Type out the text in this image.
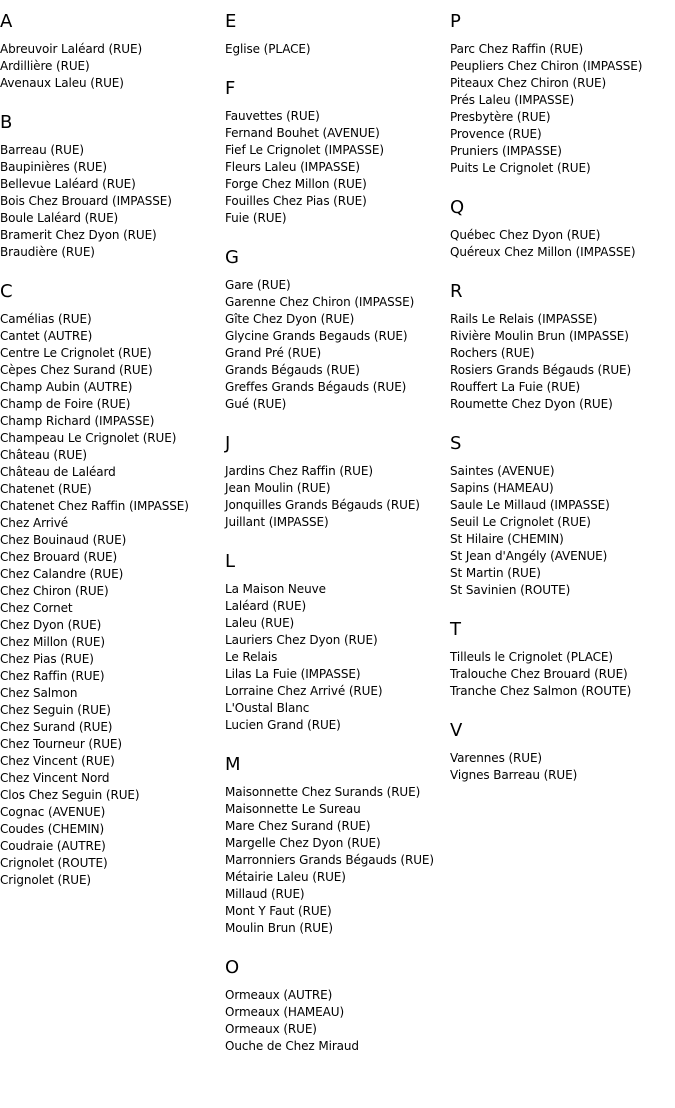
A
Abreuvoir Laléard (RUE)
Ardillière (RUE)
Avenaux Laleu (RUE)
B
Barreau (RUE)
Baupinières (RUE)
Bellevue Laléard (RUE)
Bois Chez Brouard (IMPASSE)
Boule Laléard (RUE)
Bramerit Chez Dyon (RUE)
Braudière (RUE)
C
Camélias (RUE)
Cantet (AUTRE)
Centre Le Crignolet (RUE)
Cèpes Chez Surand (RUE)
Champ Aubin (AUTRE)
Champ de Foire (RUE)
Champ Richard (IMPASSE)
Champeau Le Crignolet (RUE)
Château (RUE)
Château de Laléard
Chatenet (RUE)
Chatenet Chez Raffin (IMPASSE)
Chez Arrivé
Chez Bouinaud (RUE)
Chez Brouard (RUE)
Chez Calandre (RUE)
Chez Chiron (RUE)
Chez Cornet
Chez Dyon (RUE)
Chez Millon (RUE)
Chez Pias (RUE)
Chez Raffin (RUE)
Chez Salmon
Chez Seguin (RUE)
Chez Surand (RUE)
Chez Tourneur (RUE)
Chez Vincent (RUE)
Chez Vincent Nord
Clos Chez Seguin (RUE)
Cognac (AVENUE)
Coudes (CHEMIN)
Coudraie (AUTRE)
Crignolet (ROUTE)
Crignolet (RUE)
E
Eglise (PLACE)
F
Fauvettes (RUE)
Fernand Bouhet (AVENUE)
Fief Le Crignolet (IMPASSE)
Fleurs Laleu (IMPASSE)
Forge Chez Millon (RUE)
Fouilles Chez Pias (RUE)
Fuie (RUE)
G
Gare (RUE)
Garenne Chez Chiron (IMPASSE)
Gîte Chez Dyon (RUE)
Glycine Grands Begauds (RUE)
Grand Pré (RUE)
Grands Bégauds (RUE)
Greffes Grands Bégauds (RUE)
Gué (RUE)
J
Jardins Chez Raffin (RUE)
Jean Moulin (RUE)
Jonquilles Grands Bégauds (RUE)
Juillant (IMPASSE)
L
La Maison Neuve
Laléard (RUE)
Laleu (RUE)
Lauriers Chez Dyon (RUE)
Le Relais
Lilas La Fuie (IMPASSE)
Lorraine Chez Arrivé (RUE)
L'Oustal Blanc
Lucien Grand (RUE)
M
Maisonnette Chez Surands (RUE)
Maisonnette Le Sureau
Mare Chez Surand (RUE)
Margelle Chez Dyon (RUE)
Marronniers Grands Bégauds (RUE)
Métairie Laleu (RUE)
Millaud (RUE)
Mont Y Faut (RUE)
Moulin Brun (RUE)
O
Ormeaux (AUTRE)
Ormeaux (HAMEAU)
Ormeaux (RUE)
Ouche de Chez Miraud
P
Parc Chez Raffin (RUE)
Peupliers Chez Chiron (IMPASSE)
Piteaux Chez Chiron (RUE)
Prés Laleu (IMPASSE)
Presbytère (RUE)
Provence (RUE)
Pruniers (IMPASSE)
Puits Le Crignolet (RUE)
Q
Québec Chez Dyon (RUE)
Quéreux Chez Millon (IMPASSE)
R
Rails Le Relais (IMPASSE)
Rivière Moulin Brun (IMPASSE)
Rochers (RUE)
Rosiers Grands Bégauds (RUE)
Rouffert La Fuie (RUE)
Roumette Chez Dyon (RUE)
S
Saintes (AVENUE)
Sapins (HAMEAU)
Saule Le Millaud (IMPASSE)
Seuil Le Crignolet (RUE)
St Hilaire (CHEMIN)
St Jean d'Angély (AVENUE)
St Martin (RUE)
St Savinien (ROUTE)
T
Tilleuls le Crignolet (PLACE)
Tralouche Chez Brouard (RUE)
Tranche Chez Salmon (ROUTE)
V
Varennes (RUE)
Vignes Barreau (RUE)
